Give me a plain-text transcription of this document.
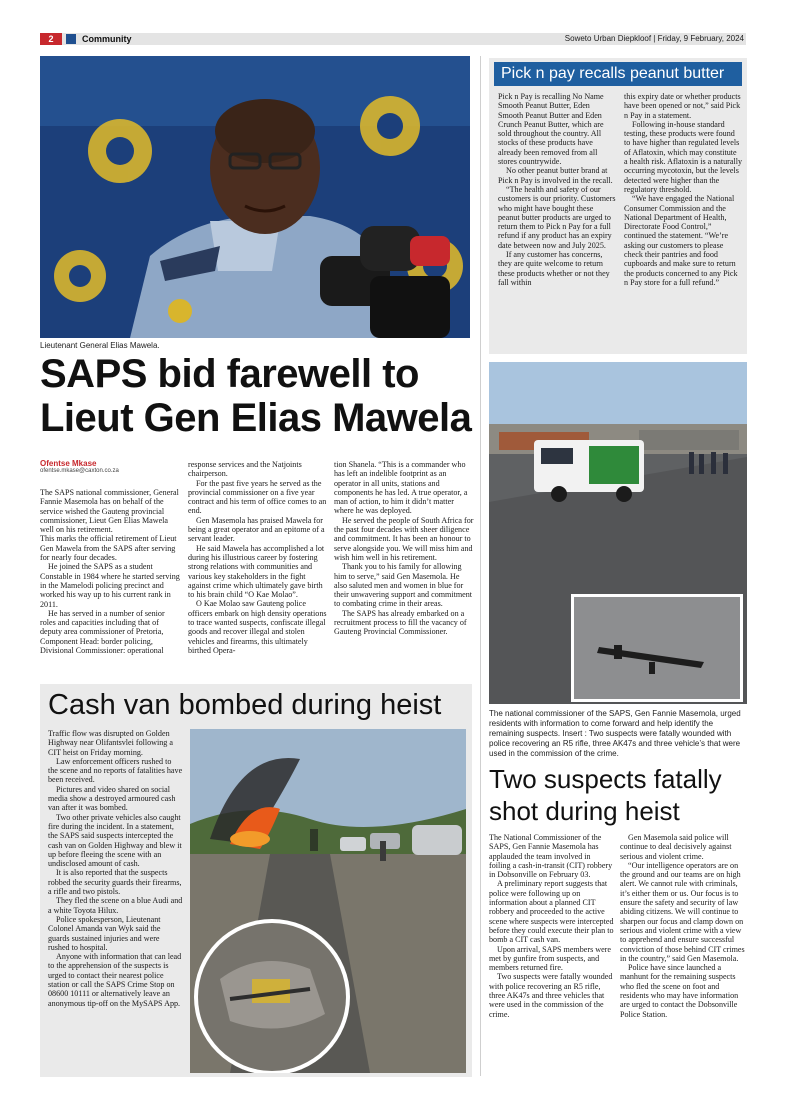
2	Community	Soweto Urban Diepkloof | Friday, 9 February, 2024
Lieutenant General Elias Mawela.
SAPS bid farewell to
Lieut Gen Elias Mawela
Ofentse Mkase
ofentse.mkase@caxton.co.za

The SAPS national commissioner, General Fannie Masemola has on behalf of the service wished the Gauteng provincial commissioner, Lieut Gen Elias Mawela well on his retirement.

This marks the official retirement of Lieut Gen Mawela from the SAPS after serving for nearly four decades.

He joined the SAPS as a student Constable in 1984 where he started serving in the Mamelodi policing precinct and worked his way up to his current rank in 2011.

He has served in a number of senior roles and capacities including that of deputy area commissioner of Pretoria, Component Head: border policing, Divisional Commissioner: operational

response services and the Natjoints chairperson.

For the past five years he served as the provincial commissioner on a five year contract and his term of office comes to an end.

Gen Masemola has praised Mawela for being a great operator and an epitome of a servant leader.

He said Mawela has accomplished a lot during his illustrious career by fostering strong relations with communities and various key stakeholders in the fight against crime which ultimately gave birth to his brain child “O Kae Molao”.

O Kae Molao saw Gauteng police officers embark on high density operations to trace wanted suspects, confiscate illegal goods and recover illegal and stolen vehicles and firearms, this ultimately birthed Opera-

tion Shanela. “This is a commander who has left an indelible footprint as an operator in all units, stations and components he has led. A true operator, a man of action, to him it didn’t matter where he was deployed.

He served the people of South Africa for the past four decades with sheer diligence and commitment. It has been an honour to serve alongside you. We will miss him and wish him well in his retirement.

Thank you to his family for allowing him to serve,” said Gen Masemola. He also saluted men and women in blue for their unwavering support and commitment to combating crime in their areas.

The SAPS has already embarked on a recruitment process to fill the vacancy of Gauteng Provincial Commissioner.

Pick n pay recalls peanut butter

Pick n Pay is recalling No Name Smooth Peanut Butter, Eden Smooth Peanut Butter and Eden Crunch Peanut Butter, which are sold throughout the country. All stocks of these products have already been removed from all stores countrywide.

No other peanut butter brand at Pick n Pay is involved in the recall.

“The health and safety of our customers is our priority. Customers who might have bought these peanut butter products are urged to return them to Pick n Pay for a full refund if any product has an expiry date between now and July 2025.

If any customer has concerns, they are quite welcome to return these products whether or not they fall within

this expiry date or whether products have been opened or not,” said Pick n Pay in a statement.

Following in-house standard testing, these products were found to have higher than regulated levels of Aflatoxin, which may constitute a health risk. Aflatoxin is a naturally occurring mycotoxin, but the levels detected were higher than the regulatory threshold.

“We have engaged the National Consumer Commission and the National Department of Health, Directorate Food Control,” continued the statement. “We’re asking our customers to please check their pantries and food cupboards and make sure to return the products concerned to any Pick n Pay store for a full refund.”

The national commissioner of the SAPS, Gen Fannie Masemola, urged residents with information to come forward and help identify the remaining suspects. Insert : Two suspects were fatally wounded with police recovering an R5 rifle, three AK47s and three vehicle’s that were used in the commission of the crime.
Two suspects fatally
shot during heist

The National Commissioner of the SAPS, Gen Fannie Masemola has applauded the team involved in foiling a cash-in-transit (CIT) robbery in Dobsonville on February 03.

A preliminary report suggests that police were following up on information about a planned CIT robbery and proceeded to the active scene where suspects were intercepted before they could execute their plan to bomb a CIT cash van.

Upon arrival, SAPS members were met by gunfire from suspects, and members returned fire.

Two suspects were fatally wounded with police recovering an R5 rifle, three AK47s and three vehicles that were used in the commission of the crime.

Gen Masemola said police will continue to deal decisively against serious and violent crime.

“Our intelligence operators are on the ground and our teams are on high alert. We cannot rule with criminals, it’s either them or us. Our focus is to ensure the safety and security of law abiding citizens. We will continue to sharpen our focus and clamp down on serious and violent crime with a view to apprehend and ensure successful conviction of those behind CIT crimes in the country,” said Gen Masemola.

Police have since launched a manhunt for the remaining suspects who fled the scene on foot and residents who may have information are urged to contact the Dobsonville Police Station.

Cash van bombed during heist

Traffic flow was disrupted on Golden Highway near Olifantsvlei following a CIT heist on Friday morning.

Law enforcement officers rushed to the scene and no reports of fatalities have been received.

Pictures and video shared on social media show a destroyed armoured cash van after it was bombed.

Two other private vehicles also caught fire during the incident. In a statement, the SAPS said suspects intercepted the cash van on Golden Highway and blew it up before fleeing the scene with an undisclosed amount of cash.

It is also reported that the suspects robbed the security guards their firearms, a rifle and two pistols.

They fled the scene on a blue Audi and a white Toyota Hilux.

Police spokesperson, Lieutenant Colonel Amanda van Wyk said the guards sustained injuries and were rushed to hospital.

Anyone with information that can lead to the apprehension of the suspects is urged to contact their nearest police station or call the SAPS Crime Stop on 08600 10111 or alternatively leave an anonymous tip-off on the MySAPS App.
